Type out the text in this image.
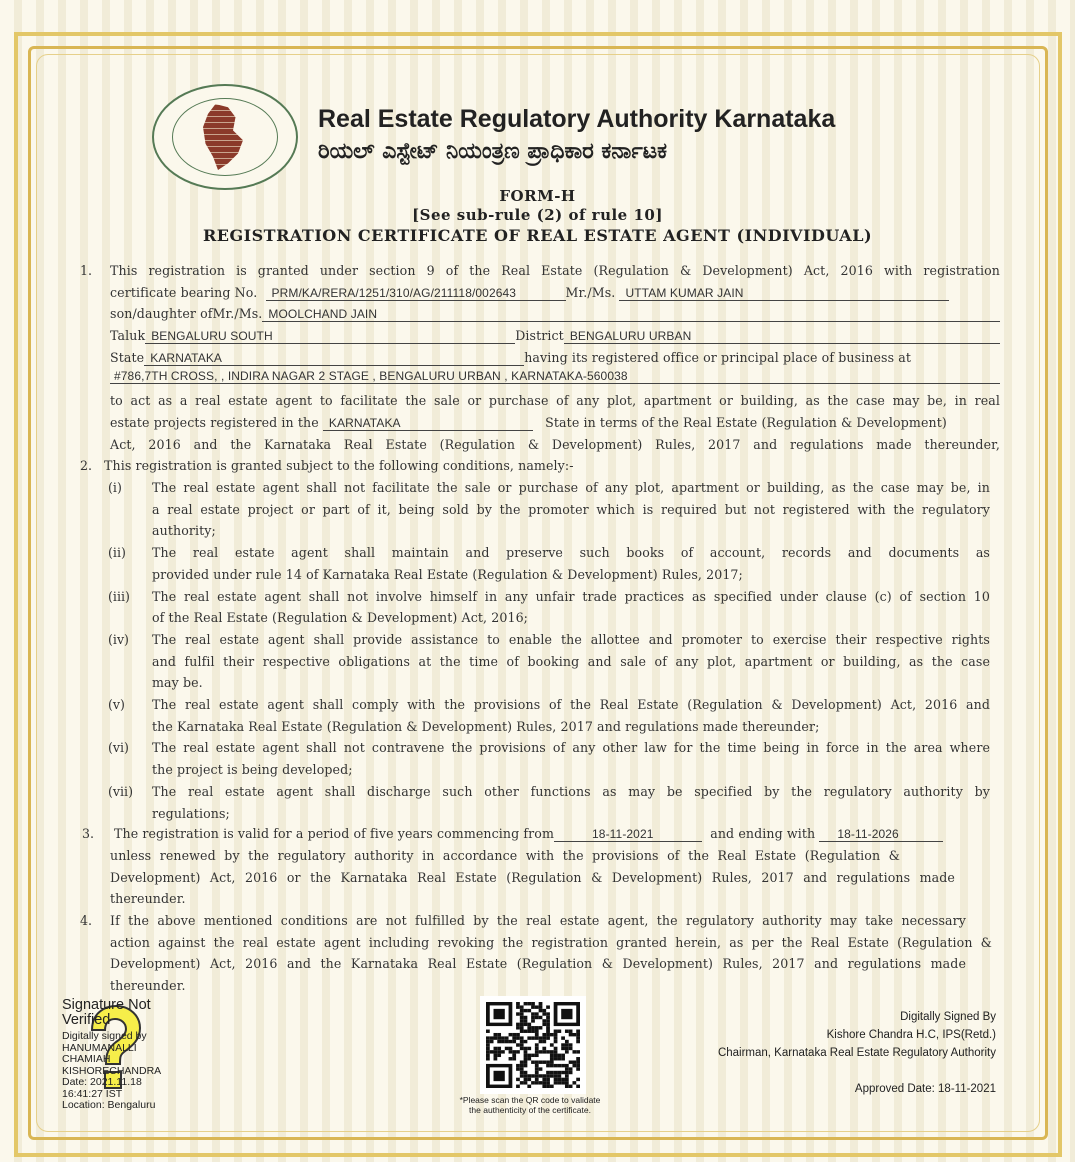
Real Estate Regulatory Authority Karnataka
ರಿಯಲ್ ಎಸ್ಟೇಟ್ ನಿಯಂತ್ರಣ ಪ್ರಾಧಿಕಾರ ಕರ್ನಾಟಕ
FORM-H
[See sub-rule (2) of rule 10]
REGISTRATION CERTIFICATE OF REAL ESTATE AGENT (INDIVIDUAL)
1. This registration is granted under section 9 of the Real Estate (Regulation & Development) Act, 2016 with registration
certificate bearing No.
	PRM/KA/RERA/1251/310/AG/211118/002643	Mr./Ms.
UTTAM KUMAR JAIN
son/daughter ofMr./Ms. MOOLCHAND JAIN
Taluk BENGALURU SOUTH	District BENGALURU URBAN
State KARNATAKA	having its registered office or principal place of business at
#786,7TH CROSS, , INDIRA NAGAR 2 STAGE , BENGALURU URBAN , KARNATAKA-560038
to act as a real estate agent to facilitate the sale or purchase of any plot, apartment or building, as the case may be, in real
estate projects registered in the
KARNATAKA
	State in terms of the Real Estate (Regulation & Development)
Act, 2016 and the Karnataka Real Estate (Regulation & Development) Rules, 2017 and regulations made thereunder,
2. This registration is granted subject to the following conditions, namely:-
(i) The real estate agent shall not facilitate the sale or purchase of any plot, apartment or building, as the case may be, in
a real estate project or part of it, being sold by the promoter which is required but not registered with the regulatory
authority;
(ii) The real estate agent shall maintain and preserve such books of account, records and documents as
provided under rule 14 of Karnataka Real Estate (Regulation & Development) Rules, 2017;
(iii) The real estate agent shall not involve himself in any unfair trade practices as specified under clause (c) of section 10
of the Real Estate (Regulation & Development) Act, 2016;
(iv) The real estate agent shall provide assistance to enable the allottee and promoter to exercise their respective rights
and fulfil their respective obligations at the time of booking and sale of any plot, apartment or building, as the case
may be.
(v) The real estate agent shall comply with the provisions of the Real Estate (Regulation & Development) Act, 2016 and
the Karnataka Real Estate (Regulation & Development) Rules, 2017 and regulations made thereunder;
(vi) The real estate agent shall not contravene the provisions of any other law for the time being in force in the area where
the project is being developed;
(vii) The real estate agent shall discharge such other functions as may be specified by the regulatory authority by
regulations;
3. The registration is valid for a period of five years commencing from	18-11-2021
	and ending with
	18-11-2026
unless renewed by the regulatory authority in accordance with the provisions of the Real Estate (Regulation &
Development) Act, 2016 or the Karnataka Real Estate (Regulation & Development) Rules, 2017 and regulations made
thereunder.
4. If the above mentioned conditions are not fulfilled by the real estate agent, the regulatory authority may take necessary
action against the real estate agent including revoking the registration granted herein, as per the Real Estate (Regulation &
Development) Act, 2016 and the Karnataka Real Estate (Regulation & Development) Rules, 2017 and regulations made
thereunder.
Signature Not
Verified
Digitally signed by
HANUMANALLI
CHAMIAH
KISHORECHANDRA
Date: 2021.11.18
16:41:27 IST
Location: Bengaluru	*Please scan the QR code to validate
the authenticity of the certificate.
Digitally Signed By
Kishore Chandra H.C, IPS(Retd.)
Chairman, Karnataka Real Estate Regulatory Authority
Approved Date: 18-11-2021
